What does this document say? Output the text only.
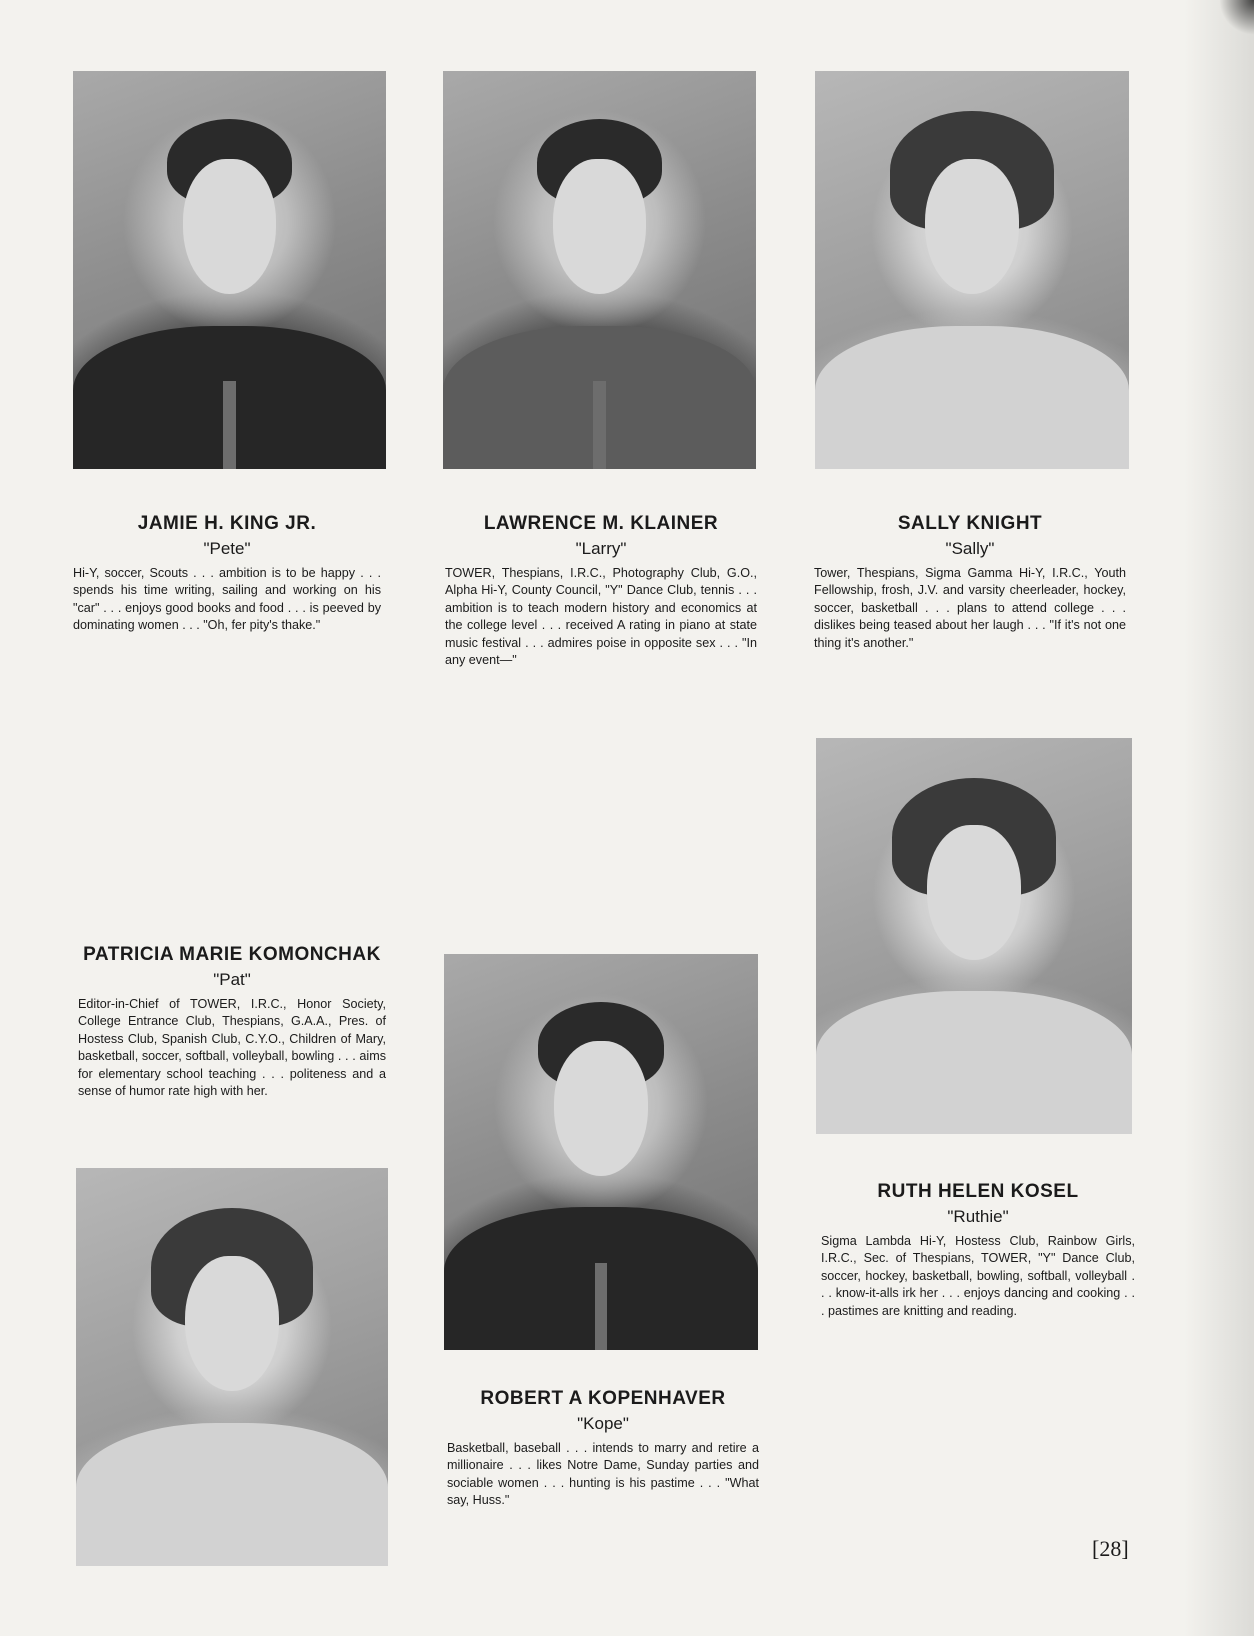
JAMIE H. KING JR.

"Pete"

Hi-Y, soccer, Scouts . . . ambition is to be happy . . . spends his time writing, sailing and working on his "car" . . . enjoys good books and food . . . is peeved by dominating women . . . "Oh, fer pity's thake."

LAWRENCE M. KLAINER

"Larry"

TOWER, Thespians, I.R.C., Photography Club, G.O., Alpha Hi-Y, County Council, "Y" Dance Club, tennis . . . ambition is to teach modern history and economics at the college level . . . received A rating in piano at state music festival . . . admires poise in opposite sex . . . "In any event—"

SALLY KNIGHT

"Sally"

Tower, Thespians, Sigma Gamma Hi-Y, I.R.C., Youth Fellowship, frosh, J.V. and varsity cheerleader, hockey, soccer, basketball . . . plans to attend college . . . dislikes being teased about her laugh . . . "If it's not one thing it's another."

PATRICIA MARIE KOMONCHAK

"Pat"

Editor-in-Chief of TOWER, I.R.C., Honor Society, College Entrance Club, Thespians, G.A.A., Pres. of Hostess Club, Spanish Club, C.Y.O., Children of Mary, basketball, soccer, softball, volleyball, bowling . . . aims for elementary school teaching . . . politeness and a sense of humor rate high with her.

ROBERT A KOPENHAVER

"Kope"

Basketball, baseball . . . intends to marry and retire a millionaire . . . likes Notre Dame, Sunday parties and sociable women . . . hunting is his pastime . . . "What say, Huss."

RUTH HELEN KOSEL

"Ruthie"

Sigma Lambda Hi-Y, Hostess Club, Rainbow Girls, I.R.C., Sec. of Thespians, TOWER, "Y" Dance Club, soccer, hockey, basketball, bowling, softball, volleyball . . . know-it-alls irk her . . . enjoys dancing and cooking . . . pastimes are knitting and reading.

[28]
